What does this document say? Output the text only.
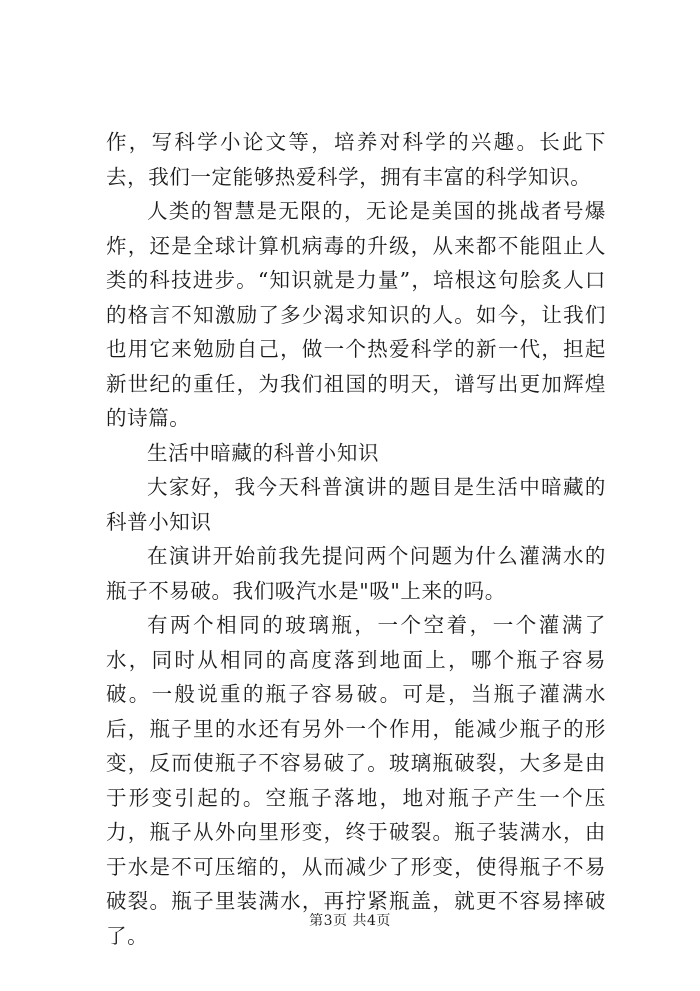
作，写科学小论文等，培养对科学的兴趣。长此下去，我们一定能够热爱科学，拥有丰富的科学知识。

人类的智慧是无限的，无论是美国的挑战者号爆炸，还是全球计算机病毒的升级，从来都不能阻止人类的科技进步。“知识就是力量”，培根这句脍炙人口的格言不知激励了多少渴求知识的人。如今，让我们也用它来勉励自己，做一个热爱科学的新一代，担起新世纪的重任，为我们祖国的明天，谱写出更加辉煌的诗篇。

生活中暗藏的科普小知识

大家好，我今天科普演讲的题目是生活中暗藏的科普小知识

在演讲开始前我先提问两个问题为什么灌满水的瓶子不易破。我们吸汽水是"吸"上来的吗。

有两个相同的玻璃瓶，一个空着，一个灌满了水，同时从相同的高度落到地面上，哪个瓶子容易破。一般说重的瓶子容易破。可是，当瓶子灌满水后，瓶子里的水还有另外一个作用，能减少瓶子的形变，反而使瓶子不容易破了。玻璃瓶破裂，大多是由于形变引起的。空瓶子落地，地对瓶子产生一个压力，瓶子从外向里形变，终于破裂。瓶子装满水，由于水是不可压缩的，从而减少了形变，使得瓶子不易破裂。瓶子里装满水，再拧紧瓶盖，就更不容易摔破了。

第3页 共4页
